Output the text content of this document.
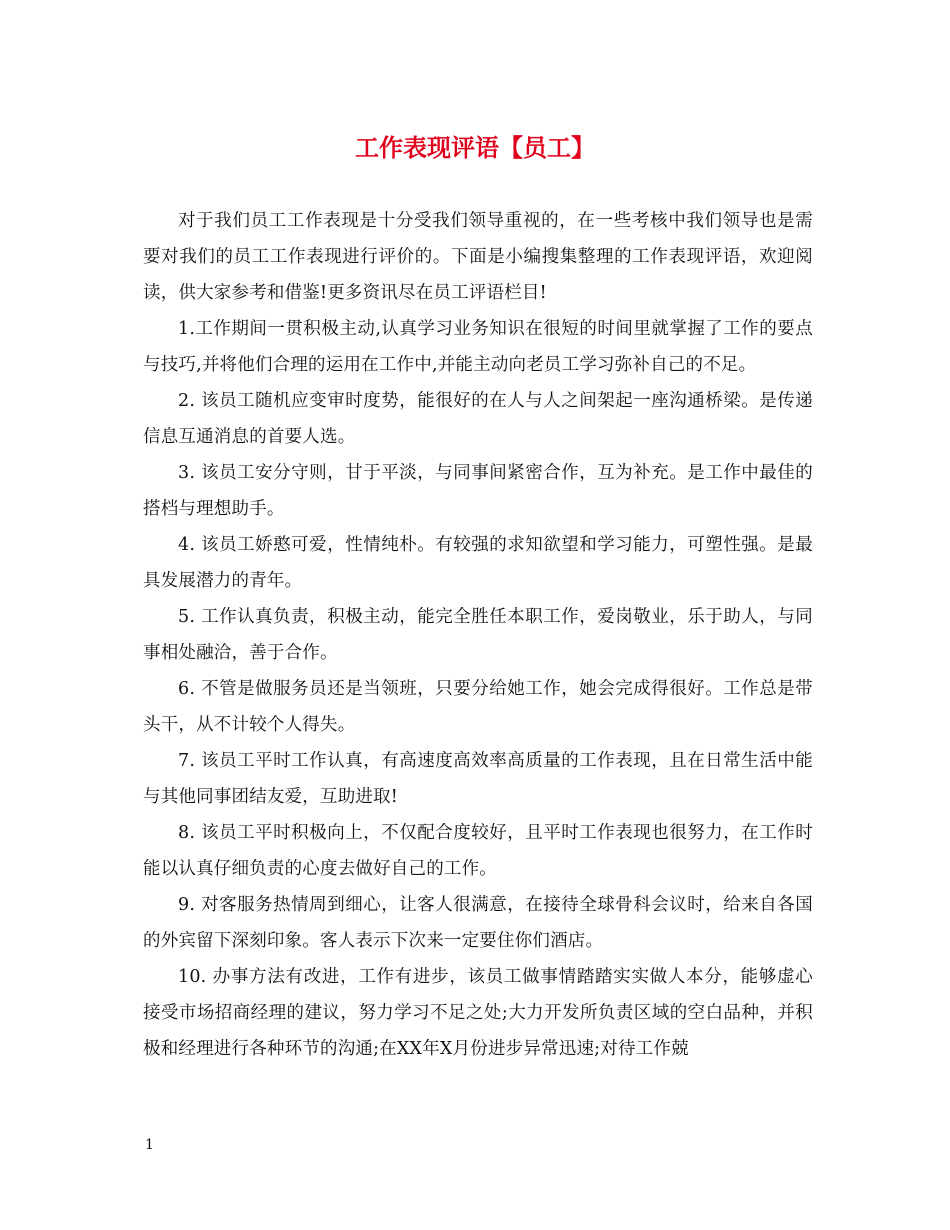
工作表现评语【员工】

对于我们员工工作表现是十分受我们领导重视的，在一些考核中我们领导也是需要对我们的员工工作表现进行评价的。下面是小编搜集整理的工作表现评语，欢迎阅读，供大家参考和借鉴!更多资讯尽在员工评语栏目!

1.工作期间一贯积极主动,认真学习业务知识在很短的时间里就掌握了工作的要点与技巧,并将他们合理的运用在工作中,并能主动向老员工学习弥补自己的不足。

2. 该员工随机应变审时度势，能很好的在人与人之间架起一座沟通桥梁。是传递信息互通消息的首要人选。

3. 该员工安分守则，甘于平淡，与同事间紧密合作，互为补充。是工作中最佳的搭档与理想助手。

4. 该员工娇憨可爱，性情纯朴。有较强的求知欲望和学习能力，可塑性强。是最具发展潜力的青年。

5. 工作认真负责，积极主动，能完全胜任本职工作，爱岗敬业，乐于助人，与同事相处融洽，善于合作。

6. 不管是做服务员还是当领班，只要分给她工作，她会完成得很好。工作总是带头干，从不计较个人得失。

7. 该员工平时工作认真，有高速度高效率高质量的工作表现，且在日常生活中能与其他同事团结友爱，互助进取!

8. 该员工平时积极向上，不仅配合度较好，且平时工作表现也很努力，在工作时能以认真仔细负责的心度去做好自己的工作。

9. 对客服务热情周到细心，让客人很满意，在接待全球骨科会议时，给来自各国的外宾留下深刻印象。客人表示下次来一定要住你们酒店。

10. 办事方法有改进，工作有进步，该员工做事情踏踏实实做人本分，能够虚心接受市场招商经理的建议，努力学习不足之处;大力开发所负责区域的空白品种，并积极和经理进行各种环节的沟通;在XX年X月份进步异常迅速;对待工作兢

1
